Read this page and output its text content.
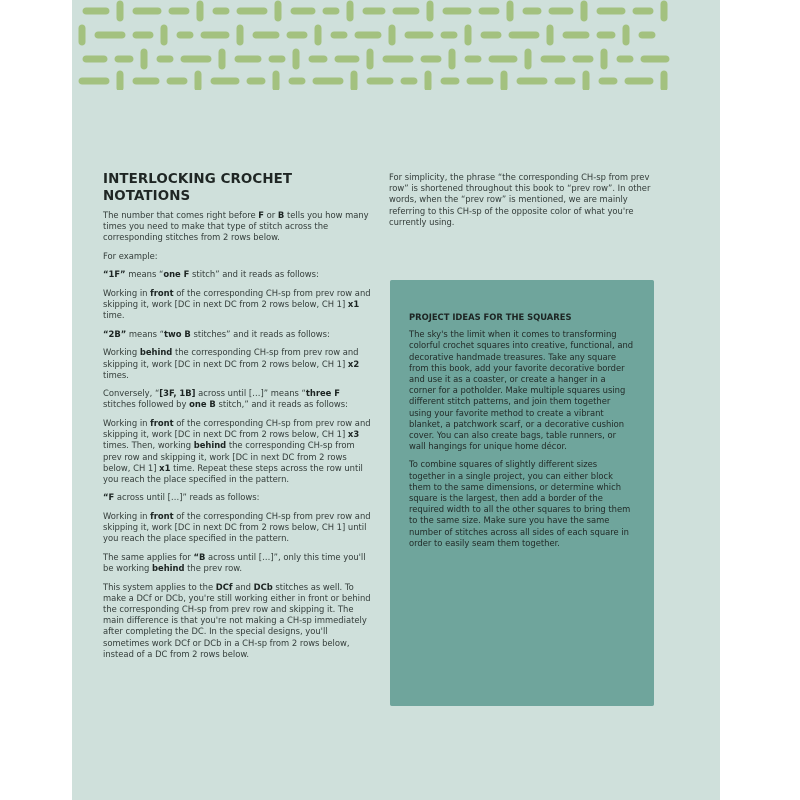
INTERLOCKING CROCHET NOTATIONS

The number that comes right before F or B tells you how many times you need to make that type of stitch across the corresponding stitches from 2 rows below.

For example:

“1F” means “one F stitch” and it reads as follows:

Working in front of the corresponding CH-sp from prev row and skipping it, work [DC in next DC from 2 rows below, CH 1] x1 time.

“2B” means “two B stitches” and it reads as follows:

Working behind the corresponding CH-sp from prev row and skipping it, work [DC in next DC from 2 rows below, CH 1] x2 times.

Conversely, “[3F, 1B] across until […]” means “three F stitches followed by one B stitch,” and it reads as follows:

Working in front of the corresponding CH-sp from prev row and skipping it, work [DC in next DC from 2 rows below, CH 1] x3 times. Then, working behind the corresponding CH-sp from prev row and skipping it, work [DC in next DC from 2 rows below, CH 1] x1 time. Repeat these steps across the row until you reach the place specified in the pattern.

“F across until […]” reads as follows:

Working in front of the corresponding CH-sp from prev row and skipping it, work [DC in next DC from 2 rows below, CH 1] until you reach the place specified in the pattern.

The same applies for “B across until […]”, only this time you'll be working behind the prev row.

This system applies to the DCf and DCb stitches as well. To make a DCf or DCb, you're still working either in front or behind the corresponding CH-sp from prev row and skipping it. The main difference is that you're not making a CH-sp immediately after completing the DC. In the special designs, you'll sometimes work DCf or DCb in a CH-sp from 2 rows below, instead of a DC from 2 rows below.

For simplicity, the phrase “the corresponding CH-sp from prev row” is shortened throughout this book to “prev row”. In other words, when the “prev row” is mentioned, we are mainly referring to this CH-sp of the opposite color of what you're currently using.

PROJECT IDEAS FOR THE SQUARES

The sky's the limit when it comes to transforming colorful crochet squares into creative, functional, and decorative handmade treasures. Take any square from this book, add your favorite decorative border and use it as a coaster, or create a hanger in a corner for a potholder. Make multiple squares using different stitch patterns, and join them together using your favorite method to create a vibrant blanket, a patchwork scarf, or a decorative cushion cover. You can also create bags, table runners, or wall hangings for unique home décor.

To combine squares of slightly different sizes together in a single project, you can either block them to the same dimensions, or determine which square is the largest, then add a border of the required width to all the other squares to bring them to the same size. Make sure you have the same number of stitches across all sides of each square in order to easily seam them together.
